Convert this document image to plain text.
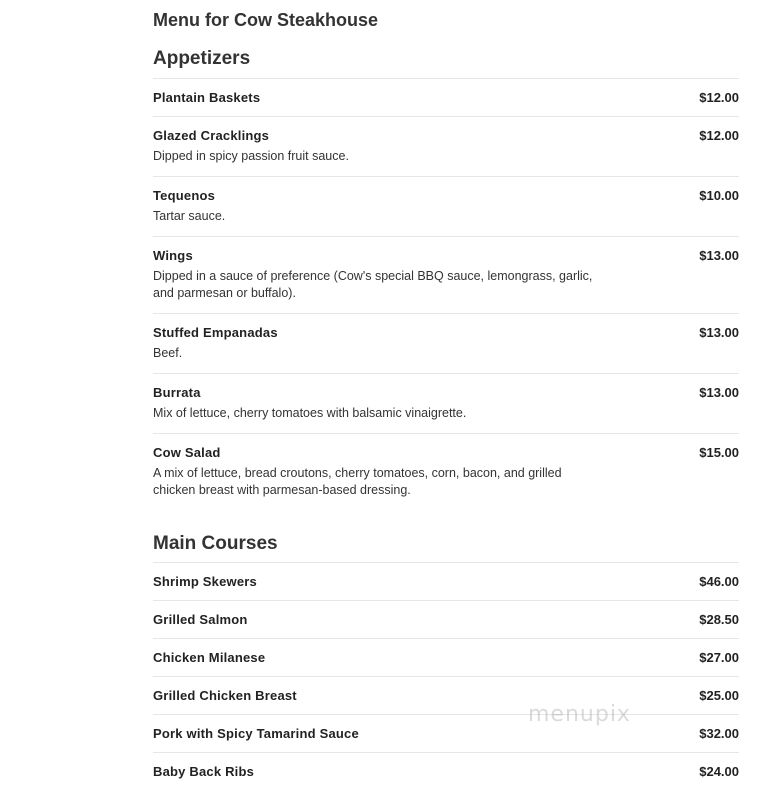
Menu for Cow Steakhouse
Appetizers
Plantain Baskets	$12.00
Glazed Cracklings	$12.00
Dipped in spicy passion fruit sauce.
Tequenos	$10.00
Tartar sauce.
Wings	$13.00
Dipped in a sauce of preference (Cow's special BBQ sauce, lemongrass, garlic, and parmesan or buffalo).
Stuffed Empanadas	$13.00
Beef.
Burrata	$13.00
Mix of lettuce, cherry tomatoes with balsamic vinaigrette.
Cow Salad	$15.00
A mix of lettuce, bread croutons, cherry tomatoes, corn, bacon, and grilled chicken breast with parmesan-based dressing.
Main Courses
Shrimp Skewers	$46.00
Grilled Salmon	$28.50
Chicken Milanese	$27.00
Grilled Chicken Breast	$25.00
Pork with Spicy Tamarind Sauce	$32.00
Baby Back Ribs	$24.00
menupix
